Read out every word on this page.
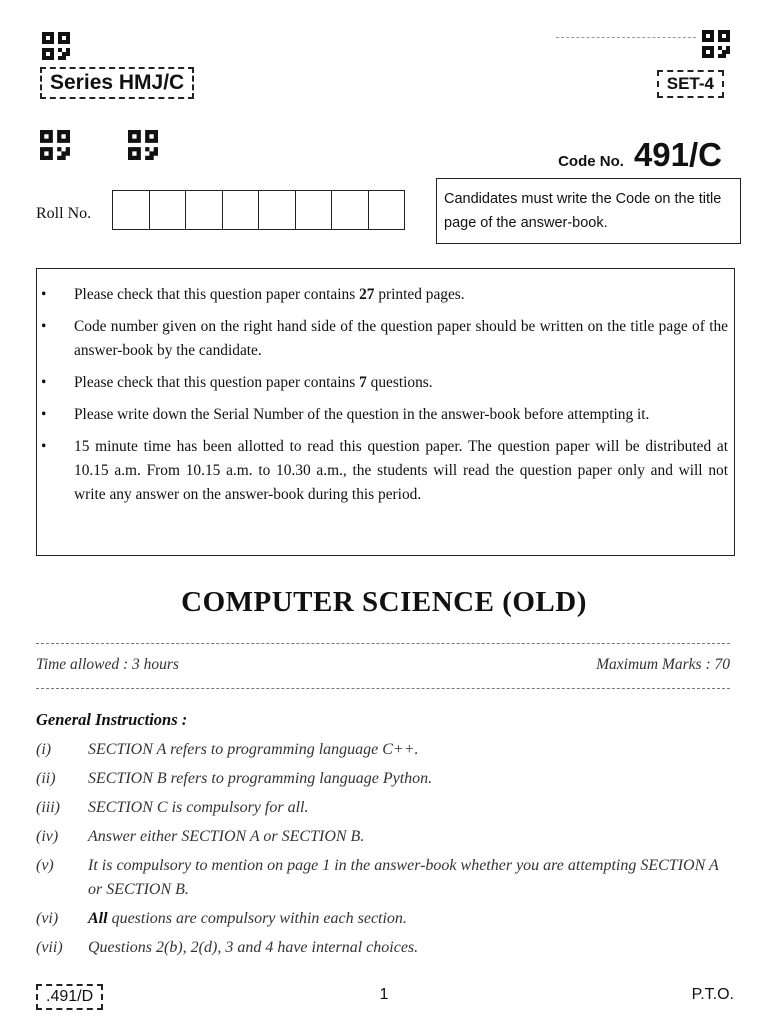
Series HMJ/C	SET-4
Code No. 491/C
Roll No.
Candidates must write the Code on the title page of the answer-book.
• Please check that this question paper contains 27 printed pages.
• Code number given on the right hand side of the question paper should be written on the title page of the answer-book by the candidate.
• Please check that this question paper contains 7 questions.
• Please write down the Serial Number of the question in the answer-book before attempting it.
• 15 minute time has been allotted to read this question paper. The question paper will be distributed at 10.15 a.m. From 10.15 a.m. to 10.30 a.m., the students will read the question paper only and will not write any answer on the answer-book during this period.
COMPUTER SCIENCE (OLD)
Time allowed : 3 hours	Maximum Marks : 70
General Instructions :
(i)	SECTION A refers to programming language C++.
(ii)	SECTION B refers to programming language Python.
(iii)	SECTION C is compulsory for all.
(iv)	Answer either SECTION A or SECTION B.
(v)	It is compulsory to mention on page 1 in the answer-book whether you are attempting SECTION A or SECTION B.
(vi)	All questions are compulsory within each section.
(vii)	Questions 2(b), 2(d), 3 and 4 have internal choices.
.491/D	1	P.T.O.
